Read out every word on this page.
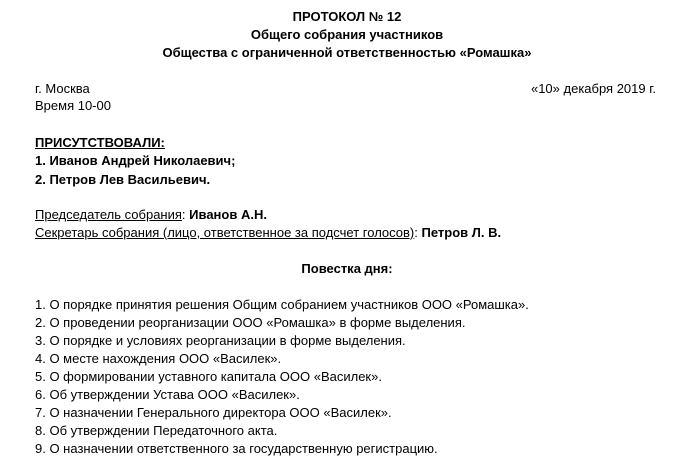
ПРОТОКОЛ № 12
Общего собрания участников
Общества с ограниченной ответственностью «Ромашка»
г. Москва	«10» декабря 2019 г.
Время 10-00
ПРИСУТСТВОВАЛИ:
1. Иванов Андрей Николаевич;
2. Петров Лев Васильевич.
Председатель собрания: Иванов А.Н.
Секретарь собрания (лицо, ответственное за подсчет голосов): Петров Л. В.
Повестка дня:
1. О порядке принятия решения Общим собранием участников ООО «Ромашка».
2. О проведении реорганизации ООО «Ромашка» в форме выделения.
3. О порядке и условиях реорганизации в форме выделения.
4. О месте нахождения ООО «Василек».
5. О формировании уставного капитала ООО «Василек».
6. Об утверждении Устава ООО «Василек».
7. О назначении Генерального директора ООО «Василек».
8. Об утверждении Передаточного акта.
9. О назначении ответственного за государственную регистрацию.
